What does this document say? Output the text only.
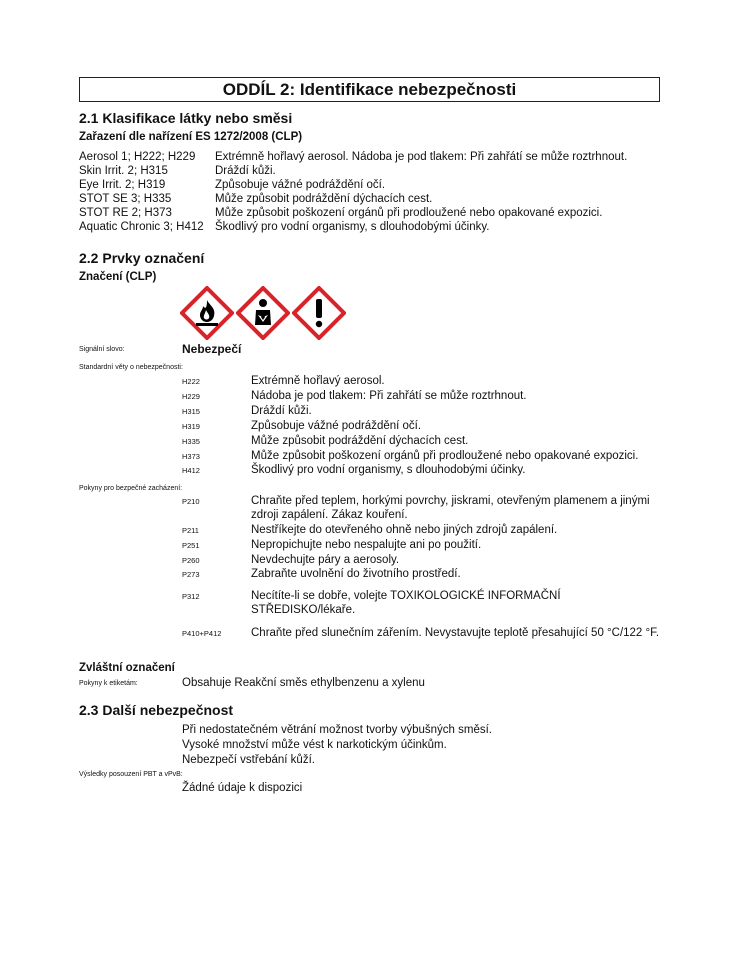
ODDÍL 2: Identifikace nebezpečnosti
2.1 Klasifikace látky nebo směsi
Zařazení dle nařízení ES 1272/2008 (CLP)
Aerosol 1; H222; H229 Extrémně hořlavý aerosol. Nádoba je pod tlakem: Při zahřátí se může roztrhnout.
Skin Irrit. 2; H315	Dráždí kůži.
Eye Irrit. 2; H319	Způsobuje vážné podráždění očí.
STOT SE 3; H335	Může způsobit podráždění dýchacích cest.
STOT RE 2; H373	Může způsobit poškození orgánů při prodloužené nebo opakované expozici.
Aquatic Chronic 3; H412 Škodlivý pro vodní organismy, s dlouhodobými účinky.
2.2 Prvky označení
Značení (CLP)
Signální slovo:	Nebezpečí
Standardní věty o nebezpečnosti:
H222	Extrémně hořlavý aerosol.
H229	Nádoba je pod tlakem: Při zahřátí se může roztrhnout.
H315	Dráždí kůži.
H319	Způsobuje vážné podráždění očí.
H335	Může způsobit podráždění dýchacích cest.
H373	Může způsobit poškození orgánů při prodloužené nebo opakované expozici.
H412	Škodlivý pro vodní organismy, s dlouhodobými účinky.
Pokyny pro bezpečné zacházení:
P210	Chraňte před teplem, horkými povrchy, jiskrami, otevřeným plamenem a jinými zdroji zapálení. Zákaz kouření.
P211	Nestříkejte do otevřeného ohně nebo jiných zdrojů zapálení.
P251	Nepropichujte nebo nespalujte ani po použití.
P260	Nevdechujte páry a aerosoly.
P273	Zabraňte uvolnění do životního prostředí.
P312	Necítíte-li se dobře, volejte TOXIKOLOGICKÉ INFORMAČNÍ STŘEDISKO/lékaře.
P410+P412	Chraňte před slunečním zářením. Nevystavujte teplotě přesahující 50 °C/122 °F.
Zvláštní označení
Pokyny k etiketám:	Obsahuje Reakční směs ethylbenzenu a xylenu
2.3 Další nebezpečnost
Při nedostatečném větrání možnost tvorby výbušných směsí.
Vysoké množství může vést k narkotickým účinkům.
Nebezpečí vstřebání kůží.
Výsledky posouzení PBT a vPvB:
Žádné údaje k dispozici
